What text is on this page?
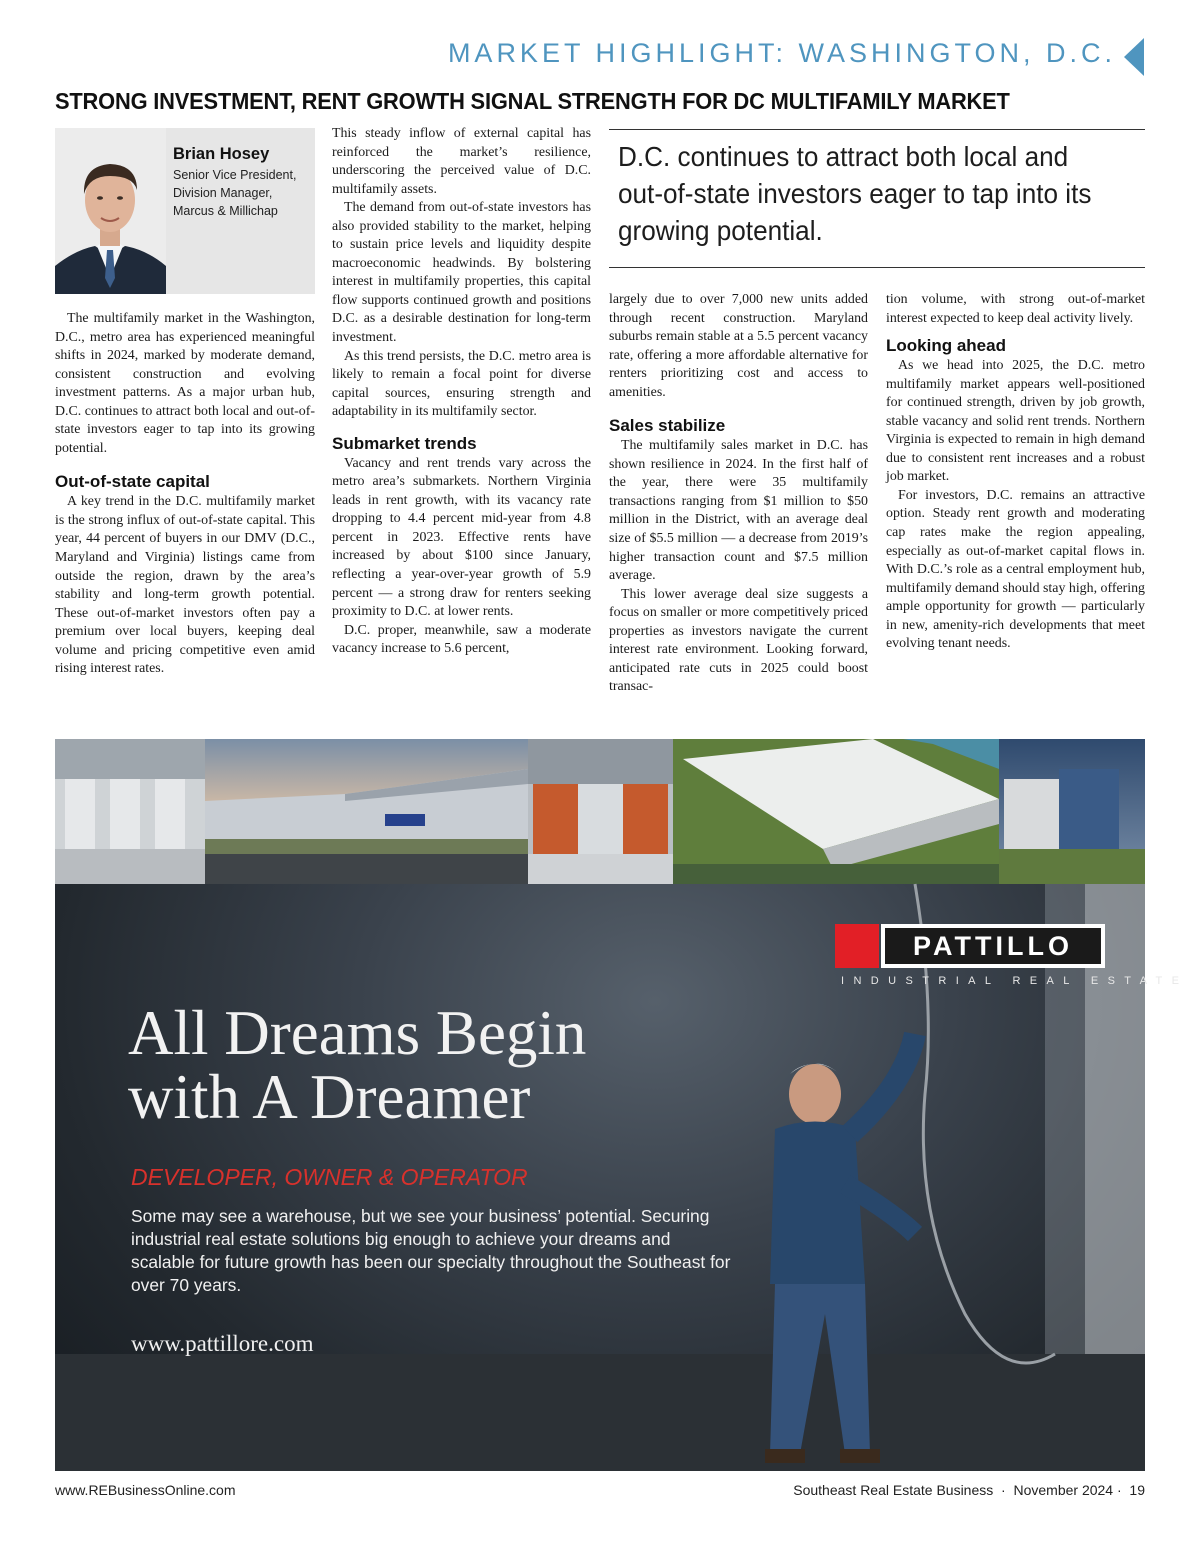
MARKET HIGHLIGHT: WASHINGTON, D.C.
STRONG INVESTMENT, RENT GROWTH SIGNAL STRENGTH FOR DC MULTIFAMILY MARKET
Brian Hosey
Senior Vice President,
Division Manager,
Marcus & Millichap

The multifamily market in the Washington, D.C., metro area has experienced meaningful shifts in 2024, marked by moderate demand, consistent construction and evolving investment patterns. As a major urban hub, D.C. continues to attract both local and out-of-state investors eager to tap into its growing potential.

Out-of-state capital

A key trend in the D.C. multifamily market is the strong influx of out-of-state capital. This year, 44 percent of buyers in our DMV (D.C., Maryland and Virginia) listings came from outside the region, drawn by the area’s stability and long-term growth potential. These out-of-market investors often pay a premium over local buyers, keeping deal volume and pricing competitive even amid rising interest rates.

This steady inflow of external capital has reinforced the market’s resilience, underscoring the perceived value of D.C. multifamily assets.

The demand from out-of-state investors has also provided stability to the market, helping to sustain price levels and liquidity despite macroeconomic headwinds. By bolstering interest in multifamily properties, this capital flow supports continued growth and positions D.C. as a desirable destination for long-term investment.

As this trend persists, the D.C. metro area is likely to remain a focal point for diverse capital sources, ensuring strength and adaptability in its multifamily sector.

Submarket trends

Vacancy and rent trends vary across the metro area’s submarkets. Northern Virginia leads in rent growth, with its vacancy rate dropping to 4.4 percent mid-year from 4.8 percent in 2023. Effective rents have increased by about $100 since January, reflecting a year-over-year growth of 5.9 percent — a strong draw for renters seeking proximity to D.C. at lower rents.

D.C. proper, meanwhile, saw a moderate vacancy increase to 5.6 percent,

D.C. continues to attract both local and out-of-state investors eager to tap into its growing potential.

largely due to over 7,000 new units added through recent construction. Maryland suburbs remain stable at a 5.5 percent vacancy rate, offering a more affordable alternative for renters prioritizing cost and access to amenities.

Sales stabilize

The multifamily sales market in D.C. has shown resilience in 2024. In the first half of the year, there were 35 multifamily transactions ranging from $1 million to $50 million in the District, with an average deal size of $5.5 million — a decrease from 2019’s higher transaction count and $7.5 million average.

This lower average deal size suggests a focus on smaller or more competitively priced properties as investors navigate the current interest rate environment. Looking forward, anticipated rate cuts in 2025 could boost transac-

tion volume, with strong out-of-market interest expected to keep deal activity lively.

Looking ahead

As we head into 2025, the D.C. metro multifamily market appears well-positioned for continued strength, driven by job growth, stable vacancy and solid rent trends. Northern Virginia is expected to remain in high demand due to consistent rent increases and a robust job market.

For investors, D.C. remains an attractive option. Steady rent growth and moderating cap rates make the region appealing, especially as out-of-market capital flows in. With D.C.’s role as a central employment hub, multifamily demand should stay high, offering ample opportunity for growth — particularly in new, amenity-rich developments that meet evolving tenant needs.

PATTILLO
INDUSTRIAL REAL ESTATE
All Dreams Begin
with A Dreamer
DEVELOPER, OWNER & OPERATOR
Some may see a warehouse, but we see your business’ potential. Securing industrial real estate solutions big enough to achieve your dreams and scalable for future growth has been our specialty throughout the Southeast for over 70 years.
www.pattillore.com
www.REBusinessOnline.com	Southeast Real Estate Business  ·  November 2024 ·  19
